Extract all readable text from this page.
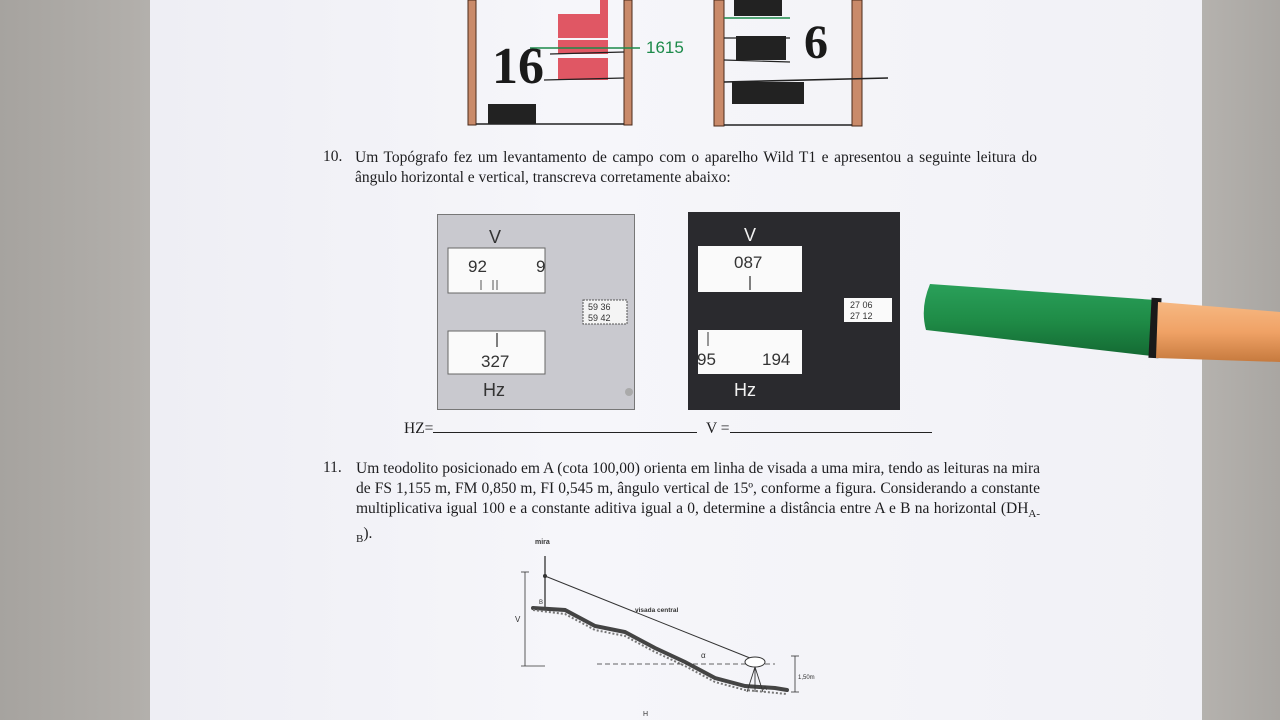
16	1615	6
10. Um Topógrafo fez um levantamento de campo com o aparelho Wild T1 e apresentou a seguinte leitura do ângulo horizontal e vertical, transcreva corretamente abaixo:
V
92	9
59 36
59 42
327
Hz
V
087
27 06
27 12
95	194
Hz
HZ=	V =
11. Um teodolito posicionado em A (cota 100,00) orienta em linha de visada a uma mira, tendo as leituras na mira de FS 1,155 m, FM 0,850 m, FI 0,545 m, ângulo vertical de 15º, conforme a figura. Considerando a constante multiplicativa igual 100 e a constante aditiva igual a 0, determine a distância entre A e B na horizontal $(DH_{A-B})$.
mira
B
V
visada central
α
A
1,50m
H
